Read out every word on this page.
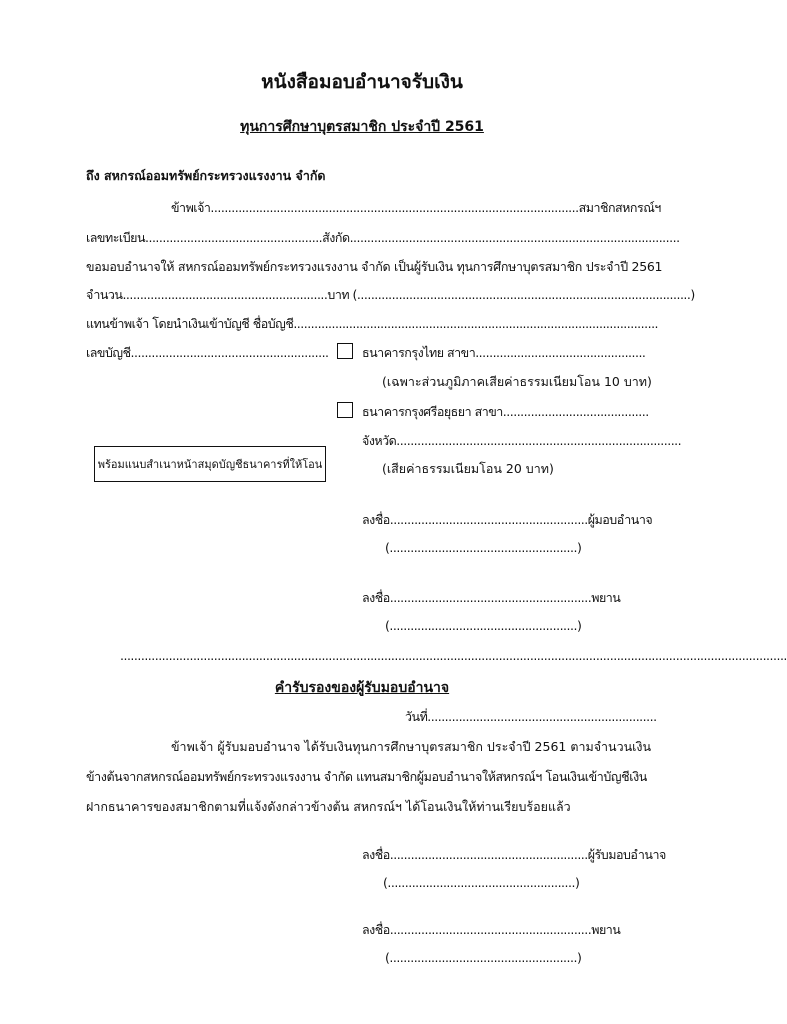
หนังสือมอบอำนาจรับเงิน
ทุนการศึกษาบุตรสมาชิก ประจำปี 2561
ถึง สหกรณ์ออมทรัพย์กระทรวงแรงงาน จำกัด
ข้าพเจ้า..........................................................................................................สมาชิกสหกรณ์ฯ
เลขทะเบียน...................................................สังกัด...............................................................................................
ขอมอบอำนาจให้ สหกรณ์ออมทรัพย์กระทรวงแรงงาน จำกัด เป็นผู้รับเงิน ทุนการศึกษาบุตรสมาชิก ประจำปี 2561
จำนวน...........................................................บาท (................................................................................................)
แทนข้าพเจ้า โดยนำเงินเข้าบัญชี ชื่อบัญชี.........................................................................................................
เลขบัญชี.........................................................	ธนาคารกรุงไทย สาขา.................................................
(เฉพาะส่วนภูมิภาคเสียค่าธรรมเนียมโอน 10 บาท)
ธนาคารกรุงศรีอยุธยา สาขา..........................................
จังหวัด..................................................................................
พร้อมแนบสำเนาหน้าสมุดบัญชีธนาคารที่ให้โอน	(เสียค่าธรรมเนียมโอน 20 บาท)
ลงชื่อ.........................................................ผู้มอบอำนาจ
(......................................................)
ลงชื่อ..........................................................พยาน
(......................................................)
................................................................................................................................................................................................
คำรับรองของผู้รับมอบอำนาจ
วันที่..................................................................
ข้าพเจ้า ผู้รับมอบอำนาจ ได้รับเงินทุนการศึกษาบุตรสมาชิก ประจำปี 2561 ตามจำนวนเงิน
ข้างต้นจากสหกรณ์ออมทรัพย์กระทรวงแรงงาน จำกัด แทนสมาชิกผู้มอบอำนาจให้สหกรณ์ฯ โอนเงินเข้าบัญชีเงิน
ฝากธนาคารของสมาชิกตามที่แจ้งดังกล่าวข้างต้น สหกรณ์ฯ ได้โอนเงินให้ท่านเรียบร้อยแล้ว
ลงชื่อ.........................................................ผู้รับมอบอำนาจ
(......................................................)
ลงชื่อ..........................................................พยาน
(......................................................)
